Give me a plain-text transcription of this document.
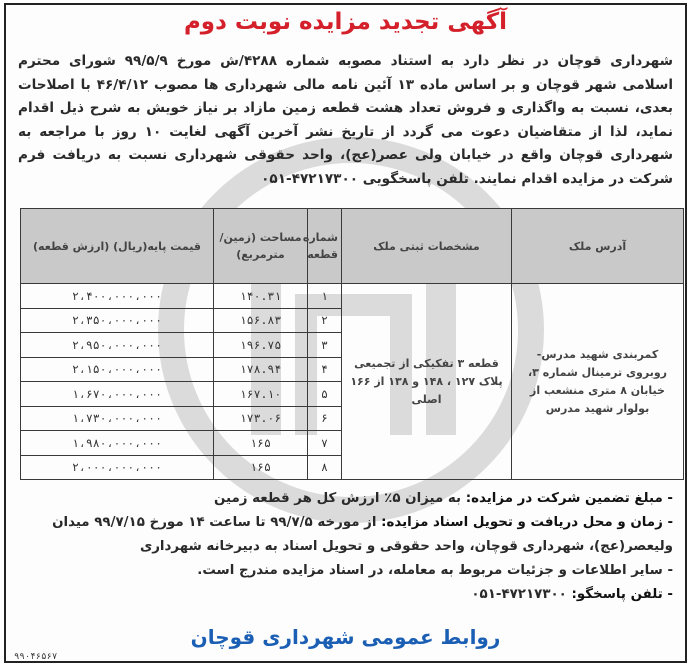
آگهی تجدید مزایده نوبت دوم
شهرداری قوچان در نظر دارد به استناد مصوبه شماره ۴۲۸۸/ش مورخ ۹۹/۵/۹ شورای محترم اسلامی شهر قوچان و بر اساس ماده ۱۳ آئین نامه مالی شهرداری ها مصوب ۴۶/۴/۱۲ با اصلاحات بعدی، نسبت به واگذاری و فروش تعداد هشت قطعه زمین مازاد بر نیاز خویش به شرح ذیل اقدام نماید، لذا از متقاضیان دعوت می گردد از تاریخ نشر آخرین آگهی لغایت ۱۰ روز با مراجعه به شهرداری قوچان واقع در خیابان ولی عصر(عج)، واحد حقوقی شهرداری نسبت به دریافت فرم شرکت در مزایده اقدام نمایند. تلفن پاسخگویی ۴۷۲۱۷۳۰۰-۰۵۱
آدرس ملک	مشخصات ثبتی ملک	شماره قطعه	مساحت (زمین/مترمربع)	قیمت پایه(ریال) (ارزش قطعه)
کمربندی شهید مدرس- روبروی ترمینال شماره ۳، خیابان ۸ متری منشعب از بولوار شهید مدرس	قطعه ۳ تفکیکی از تجمیعی پلاک ۱۲۷ ، ۱۴۸ و ۱۳۸ از ۱۶۶ اصلی	۱	۱۴۰.۳۱	۲،۴۰۰،۰۰۰،۰۰۰
		۲	۱۵۶.۸۳	۲،۳۵۰،۰۰۰،۰۰۰
		۳	۱۹۶.۷۵	۲،۹۵۰،۰۰۰،۰۰۰
		۴	۱۷۸.۹۴	۲،۱۵۰،۰۰۰،۰۰۰
		۵	۱۶۷.۱۰	۱،۶۷۰،۰۰۰،۰۰۰
		۶	۱۷۳.۰۶	۱،۷۳۰،۰۰۰،۰۰۰
		۷	۱۶۵	۱،۹۸۰،۰۰۰،۰۰۰
		۸	۱۶۵	۲،۰۰۰،۰۰۰،۰۰۰

- مبلغ تضمین شرکت در مزایده: به میزان ۵٪ ارزش کل هر قطعه زمین

- زمان و محل دریافت و تحویل اسناد مزایده: از مورخه ۹۹/۷/۵ تا ساعت ۱۴ مورخ ۹۹/۷/۱۵ میدان ولیعصر(عج)، شهرداری قوچان، واحد حقوقی و تحویل اسناد به دبیرخانه شهرداری

- سایر اطلاعات و جزئیات مربوط به معامله، در اسناد مزایده مندرج است.

- تلفن پاسخگو: ۴۷۲۱۷۳۰۰-۰۵۱

روابط عمومی شهرداری قوچان
۹۹۰۴۶۵۶۷
